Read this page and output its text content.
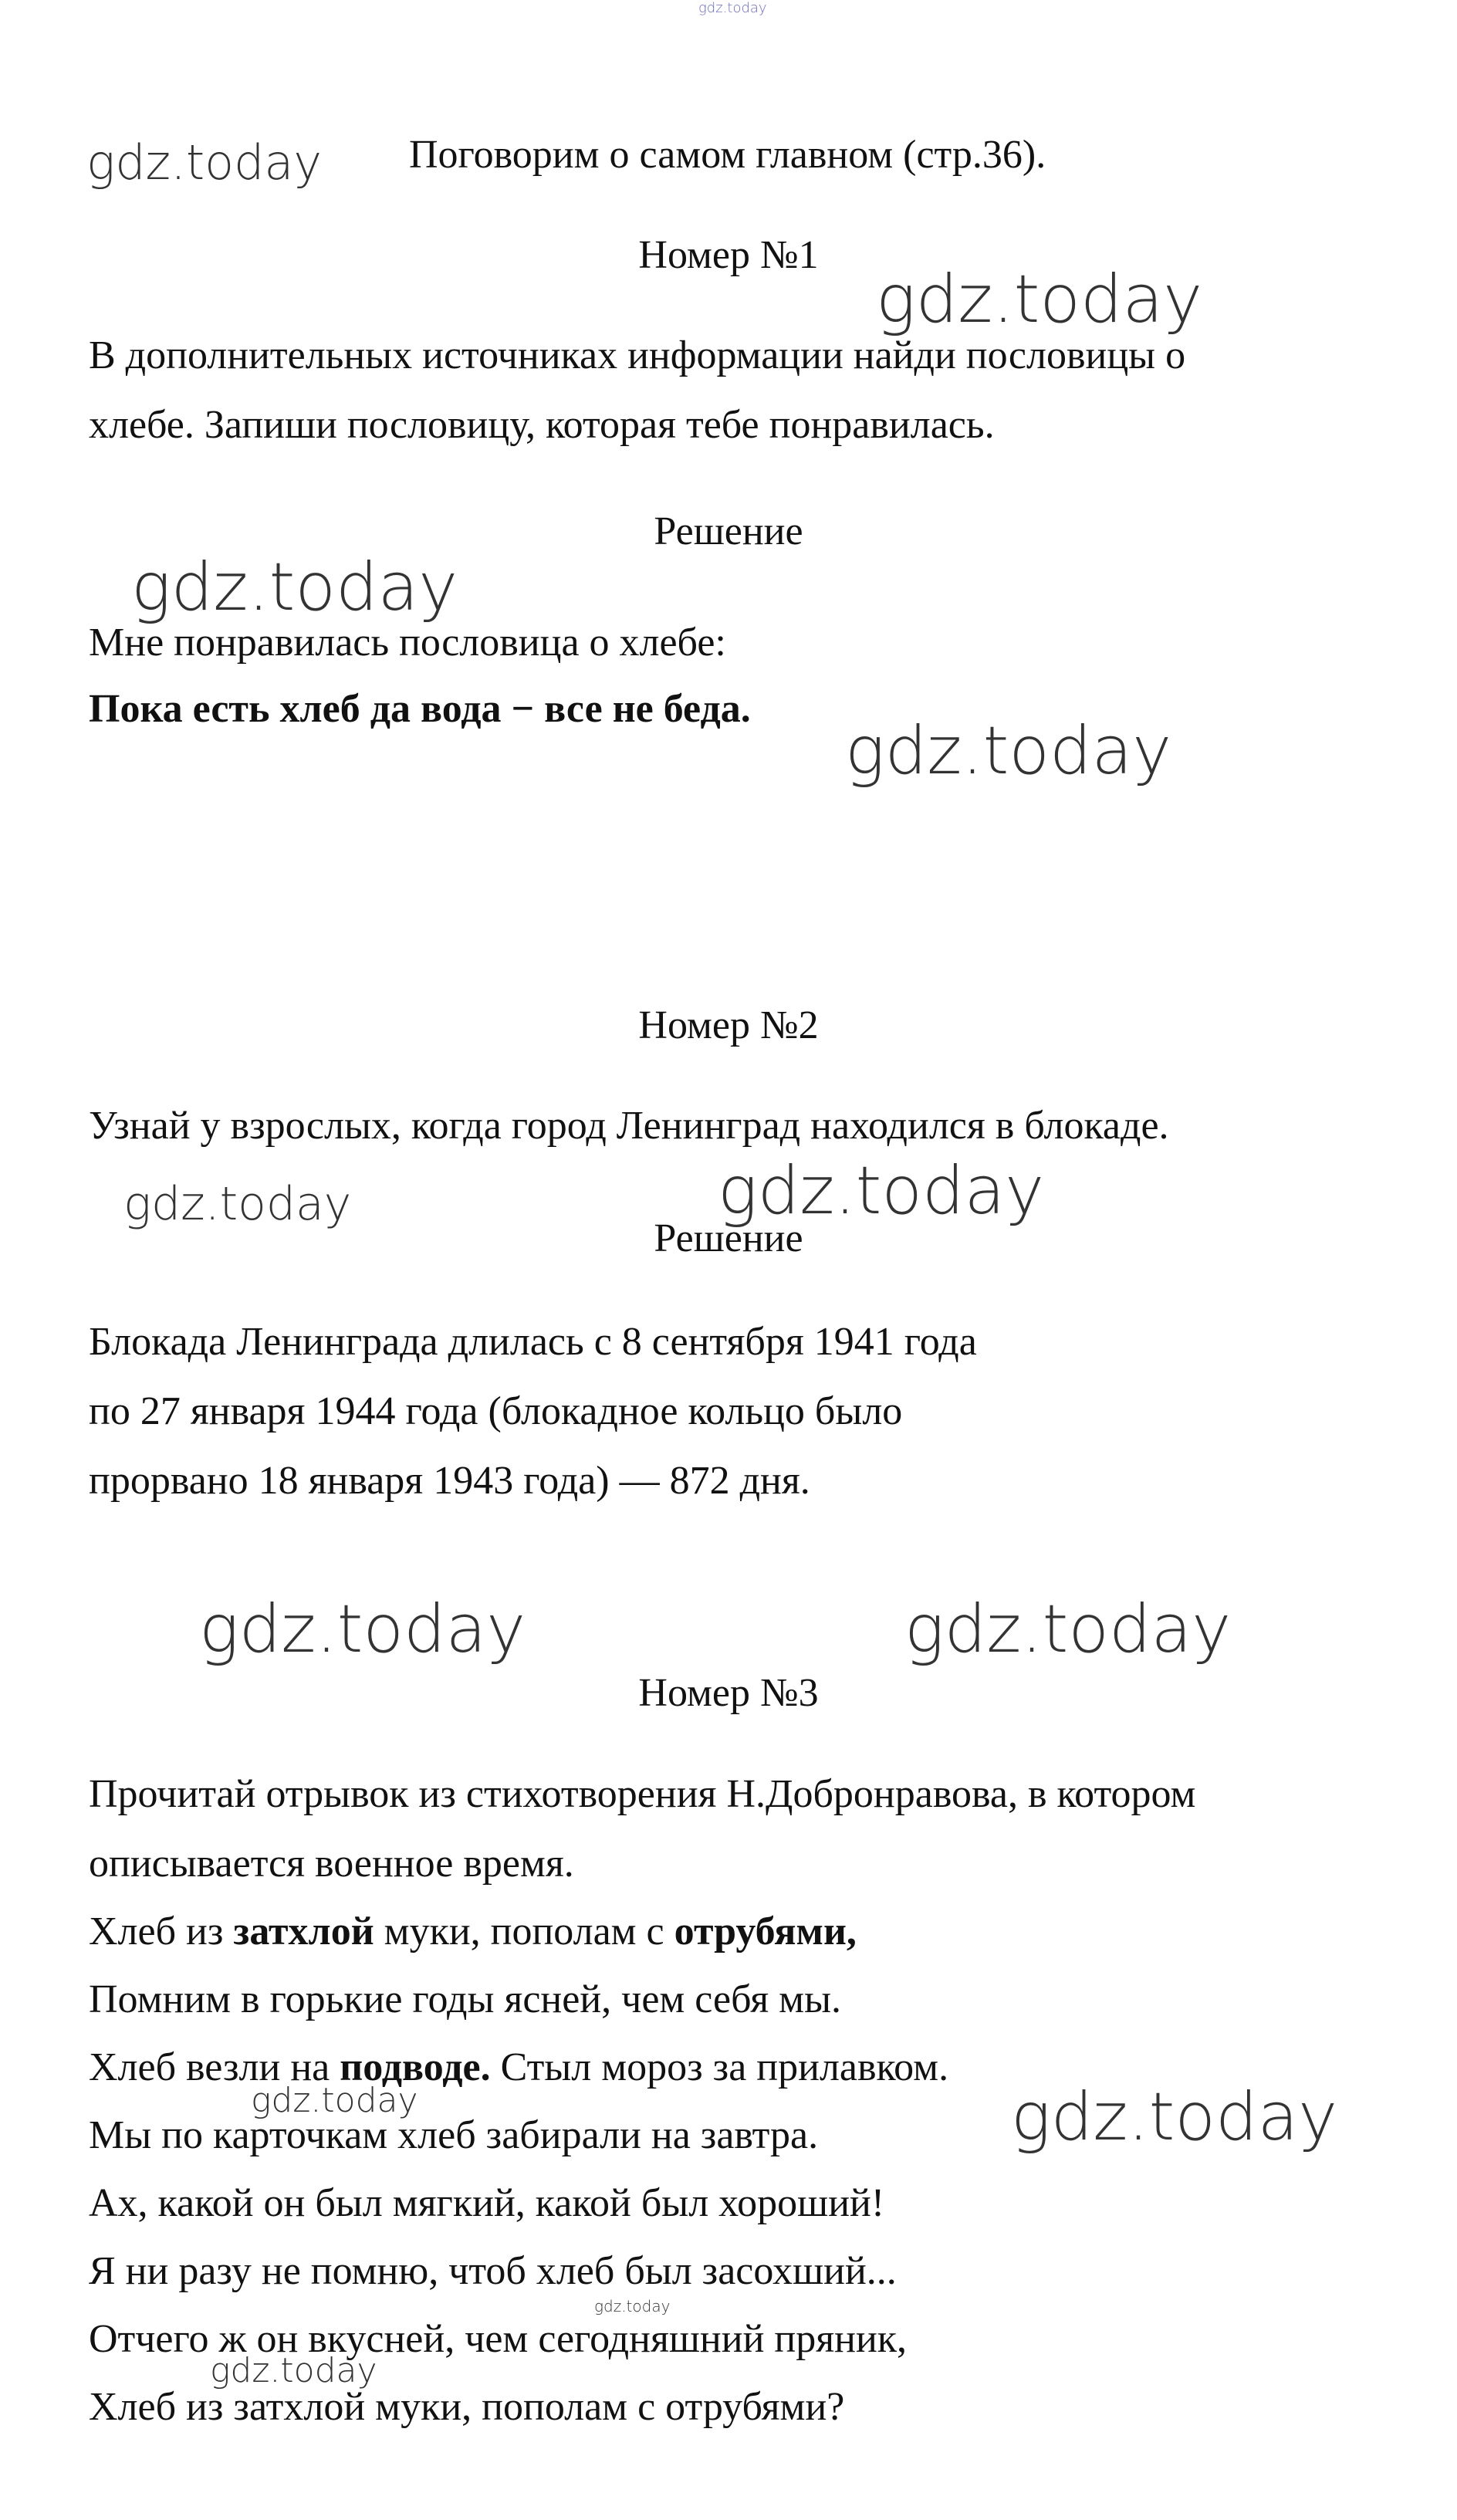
gdz.today
gdz.today Поговорим о самом главном (стр.36).
Номер №1
gdz.today
В дополнительных источниках информации найди пословицы о
хлебе. Запиши пословицу, которая тебе понравилась.
Решение
gdz.today
Мне понравилась пословица о хлебе:
Пока есть хлеб да вода − все не беда.
gdz.today
Номер №2
Узнай у взрослых, когда город Ленинград находился в блокаде.
gdz.today	gdz.today
Решение
Блокада Ленинграда длилась с 8 сентября 1941 года
по 27 января 1944 года (блокадное кольцо было
прорвано 18 января 1943 года) — 872 дня.
gdz.today	gdz.today
Номер №3
Прочитай отрывок из стихотворения Н.Добронравова, в котором
описывается военное время.
Хлеб из затхлой муки, пополам с отрубями,
Помним в горькие годы ясней, чем себя мы.
Хлеб везли на подводе. Стыл мороз за прилавком.
gdz.today	gdz.today
Мы по карточкам хлеб забирали на завтра.
Ах, какой он был мягкий, какой был хороший!
Я ни разу не помню, чтоб хлеб был засохший...
gdz.today
Отчего ж он вкусней, чем сегодняшний пряник,
gdz.today
Хлеб из затхлой муки, пополам с отрубями?
